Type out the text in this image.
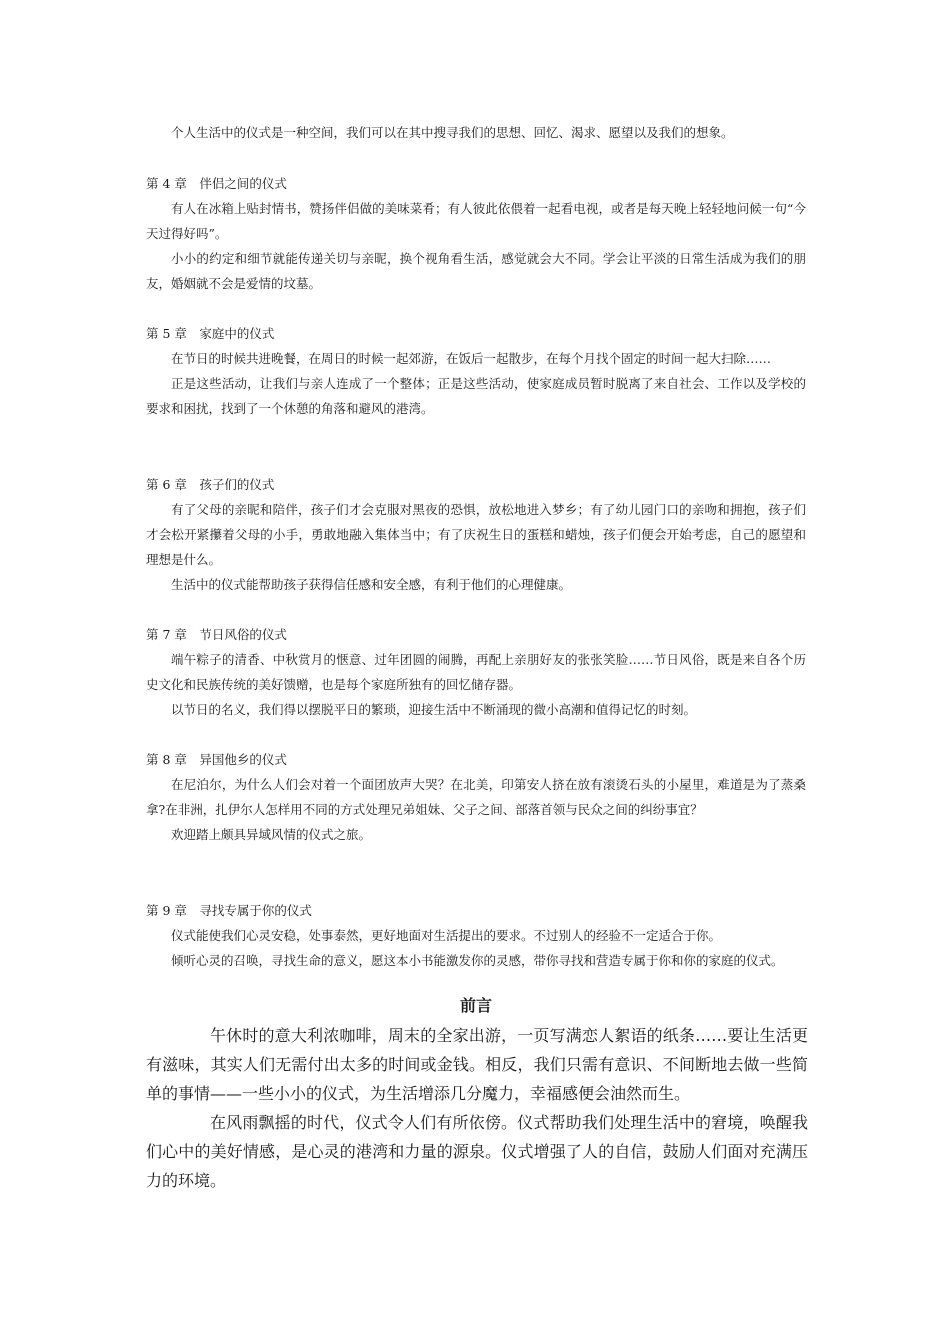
个人生活中的仪式是一种空间，我们可以在其中搜寻我们的思想、回忆、渴求、愿望以及我们的想象。

第 4 章　伴侣之间的仪式

有人在冰箱上贴封情书，赞扬伴侣做的美味菜肴；有人彼此依偎着一起看电视，或者是每天晚上轻轻地问候一句“今天过得好吗”。

小小的约定和细节就能传递关切与亲昵，换个视角看生活，感觉就会大不同。学会让平淡的日常生活成为我们的朋友，婚姻就不会是爱情的坟墓。

第 5 章　家庭中的仪式

在节日的时候共进晚餐，在周日的时候一起郊游，在饭后一起散步，在每个月找个固定的时间一起大扫除……

正是这些活动，让我们与亲人连成了一个整体；正是这些活动，使家庭成员暂时脱离了来自社会、工作以及学校的要求和困扰，找到了一个休憩的角落和避风的港湾。

第 6 章　孩子们的仪式

有了父母的亲昵和陪伴，孩子们才会克服对黑夜的恐惧，放松地进入梦乡；有了幼儿园门口的亲吻和拥抱，孩子们才会松开紧攥着父母的小手，勇敢地融入集体当中；有了庆祝生日的蛋糕和蜡烛，孩子们便会开始考虑，自己的愿望和理想是什么。

生活中的仪式能帮助孩子获得信任感和安全感，有利于他们的心理健康。

第 7 章　节日风俗的仪式

端午粽子的清香、中秋赏月的惬意、过年团圆的闹腾，再配上亲朋好友的张张笑脸……节日风俗，既是来自各个历史文化和民族传统的美好馈赠，也是每个家庭所独有的回忆储存器。

以节日的名义，我们得以摆脱平日的繁琐，迎接生活中不断涌现的微小高潮和值得记忆的时刻。

第 8 章　异国他乡的仪式

在尼泊尔，为什么人们会对着一个面团放声大哭？在北美，印第安人挤在放有滚烫石头的小屋里，难道是为了蒸桑拿?在非洲，扎伊尔人怎样用不同的方式处理兄弟姐妹、父子之间、部落首领与民众之间的纠纷事宜？

欢迎踏上颇具异域风情的仪式之旅。

第 9 章　寻找专属于你的仪式

仪式能使我们心灵安稳，处事泰然，更好地面对生活提出的要求。不过别人的经验不一定适合于你。

倾听心灵的召唤，寻找生命的意义，愿这本小书能激发你的灵感，带你寻找和营造专属于你和你的家庭的仪式。

前言

午休时的意大利浓咖啡，周末的全家出游，一页写满恋人絮语的纸条……要让生活更有滋味，其实人们无需付出太多的时间或金钱。相反，我们只需有意识、不间断地去做一些简单的事情——一些小小的仪式，为生活增添几分魔力，幸福感便会油然而生。

在风雨飘摇的时代，仪式令人们有所依傍。仪式帮助我们处理生活中的窘境，唤醒我们心中的美好情感，是心灵的港湾和力量的源泉。仪式增强了人的自信，鼓励人们面对充满压力的环境。
